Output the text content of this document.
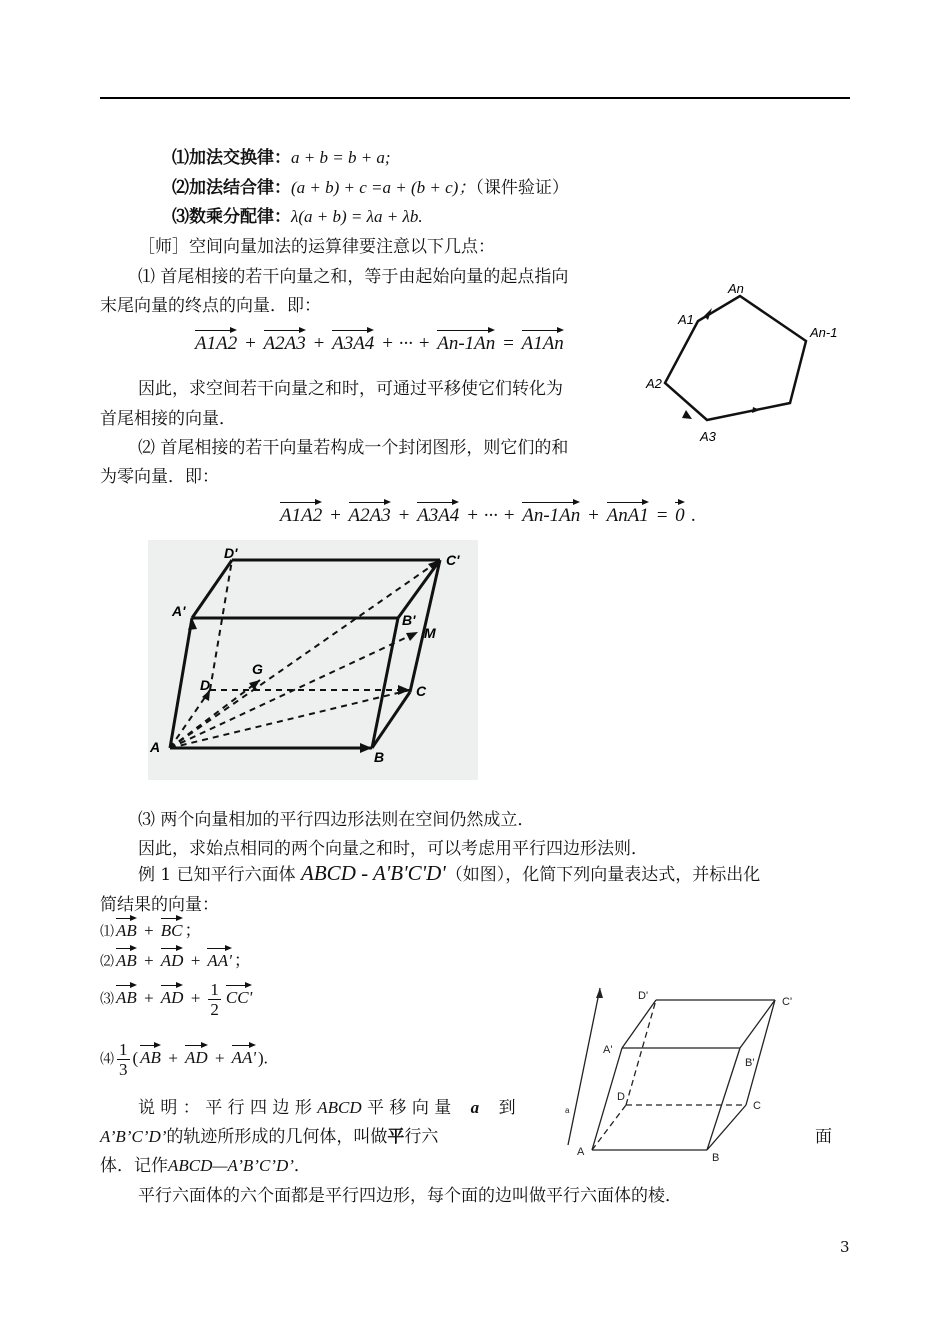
⑴加法交换律：a + b = b + a;
⑵加法结合律：(a + b) + c =a + (b + c)；（课件验证）
⑶数乘分配律：λ(a + b) = λa + λb.
［师］空间向量加法的运算律要注意以下几点：
⑴ 首尾相接的若干向量之和，等于由起始向量的起点指向
末尾向量的终点的向量．即：
A1A2 + A2A3 + A3A4 + ··· + An-1An = A1An
因此，求空间若干向量之和时，可通过平移使它们转化为
首尾相接的向量．
⑵ 首尾相接的若干向量若构成一个封闭图形，则它们的和
为零向量．即：
A1A2 + A2A3 + A3A4 + ··· + An-1An + AnA1 = 0 .
An
A1
An-1
A2
A3
D'	C'
A'
B'
M
G
D	C
A
B
⑶ 两个向量相加的平行四边形法则在空间仍然成立．
因此，求始点相同的两个向量之和时，可以考虑用平行四边形法则．
例 1 已知平行六面体 ABCD - A'B'C'D'（如图），化简下列向量表达式，并标出化
简结果的向量：
⑴ AB + BC ；
⑵ AB + AD + AA' ；
⑶ AB + AD + $\frac{1}{2} CC'$
⑷ $\frac{1}{3}$ ( AB + AD + AA' ).
说 明 ： 平 行 四 边 形 ABCD 平 移 向 量 a 到
A’B’C’D’的轨迹所形成的几何体，叫做平行六	面
体．记作ABCD—A’B’C’D’．
平行六面体的六个面都是平行四边形，每个面的边叫做平行六面体的棱．
D'	C'
A'
B'
D
C
A	B
a
3
